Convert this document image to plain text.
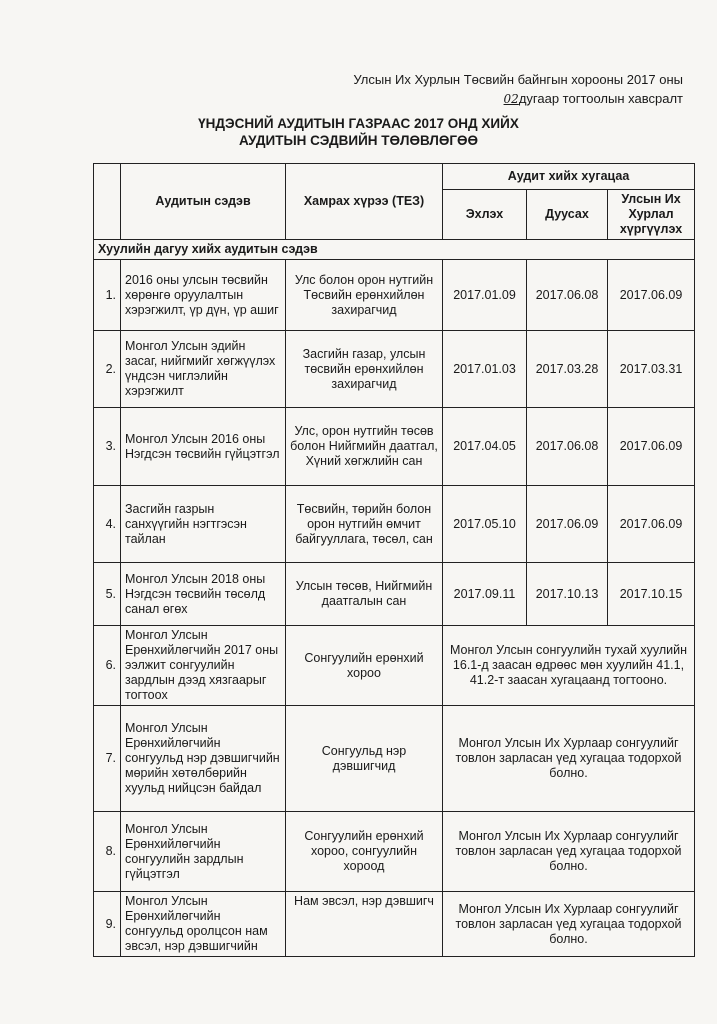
Улсын Их Хурлын Төсвийн байнгын хорооны 2017 оны
02дугаар тогтоолын хавсралт
ҮНДЭСНИЙ АУДИТЫН ГАЗРААС 2017 ОНД ХИЙХ
АУДИТЫН СЭДВИЙН ТӨЛӨВЛӨГӨӨ
	Аудитын сэдэв	Хамрах хүрээ (ТЕЗ)	Аудит хийх хугацаа		
			Эхлэх	Дуусах	Улсын Их Хурлал хүргүүлэх
Хуулийн дагуу хийх аудитын сэдэв					
1.	2016 оны улсын төсвийн хөрөнгө оруулалтын хэрэгжилт, үр дүн, үр ашиг	Улс болон орон нутгийн Төсвийн ерөнхийлөн захирагчид	2017.01.09	2017.06.08	2017.06.09
2.	Монгол Улсын эдийн засаг, нийгмийг хөгжүүлэх үндсэн чиглэлийн хэрэгжилт	Засгийн газар, улсын төсвийн ерөнхийлөн захирагчид	2017.01.03	2017.03.28	2017.03.31
3.	Монгол Улсын 2016 оны Нэгдсэн төсвийн гүйцэтгэл	Улс, орон нутгийн төсөв болон Нийгмийн даатгал, Хүний хөгжлийн сан	2017.04.05	2017.06.08	2017.06.09
4.	Засгийн газрын санхүүгийн нэгтгэсэн тайлан	Төсвийн, төрийн болон орон нутгийн өмчит байгууллага, төсөл, сан	2017.05.10	2017.06.09	2017.06.09
5.	Монгол Улсын 2018 оны Нэгдсэн төсвийн төсөлд санал өгөх	Улсын төсөв, Нийгмийн даатгалын сан	2017.09.11	2017.10.13	2017.10.15
6.	Монгол Улсын Ерөнхийлөгчийн 2017 оны ээлжит сонгуулийн зардлын дээд хязгаарыг тогтоох	Сонгуулийн ерөнхий хороо	Монгол Улсын сонгуулийн тухай хуулийн 16.1-д заасан өдрөөс мөн хуулийн 41.1, 41.2-т заасан хугацаанд тогтооно.		
7.	Монгол Улсын Ерөнхийлөгчийн сонгуульд нэр дэвшигчийн мөрийн хөтөлбөрийн хуульд нийцсэн байдал	Сонгуульд нэр дэвшигчид	Монгол Улсын Их Хурлаар сонгуулийг товлон зарласан үед хугацаа тодорхой болно.		
8.	Монгол Улсын Ерөнхийлөгчийн сонгуулийн зардлын гүйцэтгэл	Сонгуулийн ерөнхий хороо, сонгуулийн хороод	Монгол Улсын Их Хурлаар сонгуулийг товлон зарласан үед хугацаа тодорхой болно.		
9.	Монгол Улсын Ерөнхийлөгчийн сонгуульд оролцсон нам эвсэл, нэр дэвшигчийн	Нам эвсэл, нэр дэвшигч	Монгол Улсын Их Хурлаар сонгуулийг товлон зарласан үед хугацаа тодорхой болно.		
